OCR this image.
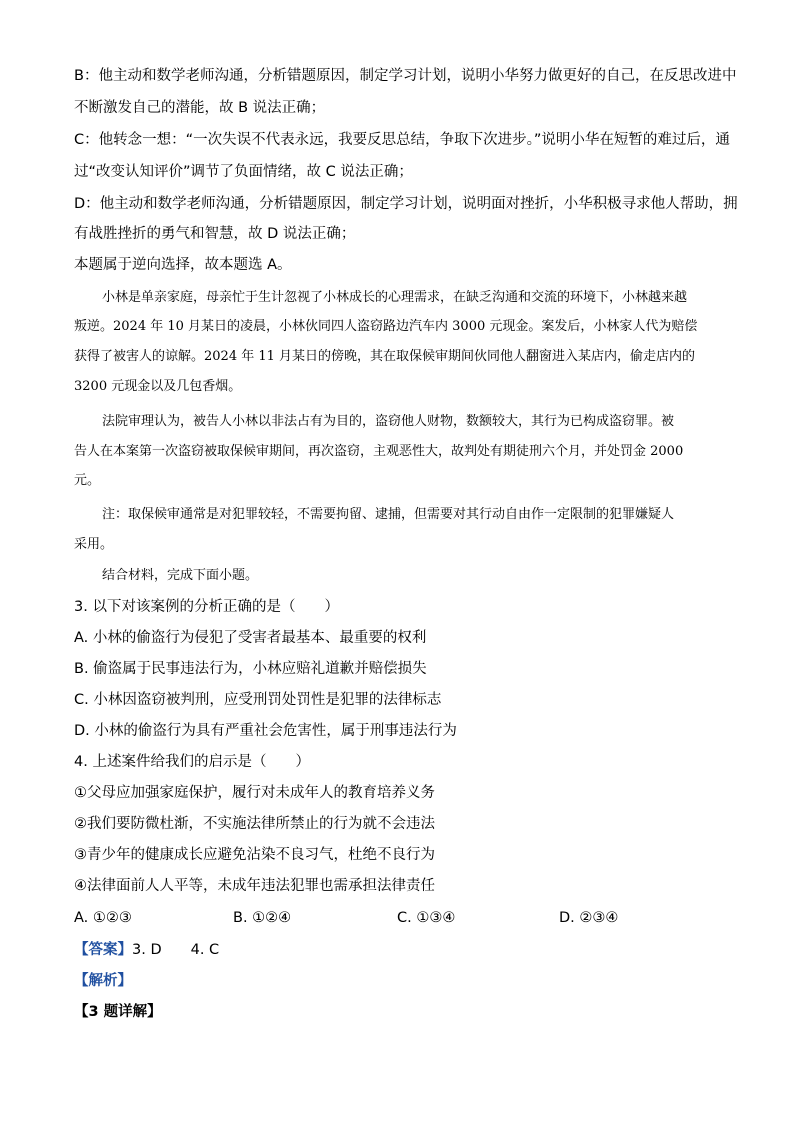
B：他主动和数学老师沟通，分析错题原因，制定学习计划，说明小华努力做更好的自己，在反思改进中
不断激发自己的潜能，故 B 说法正确；
C：他转念一想：“一次失误不代表永远，我要反思总结，争取下次进步。”说明小华在短暂的难过后，通
过“改变认知评价”调节了负面情绪，故 C 说法正确；
D：他主动和数学老师沟通，分析错题原因，制定学习计划，说明面对挫折，小华积极寻求他人帮助，拥
有战胜挫折的勇气和智慧，故 D 说法正确；
本题属于逆向选择，故本题选 A。
小林是单亲家庭，母亲忙于生计忽视了小林成长的心理需求，在缺乏沟通和交流的环境下，小林越来越
叛逆。2024 年 10 月某日的凌晨，小林伙同四人盗窃路边汽车内 3000 元现金。案发后，小林家人代为赔偿
获得了被害人的谅解。2024 年 11 月某日的傍晚，其在取保候审期间伙同他人翻窗进入某店内，偷走店内的
3200 元现金以及几包香烟。
法院审理认为，被告人小林以非法占有为目的，盗窃他人财物，数额较大，其行为已构成盗窃罪。被
告人在本案第一次盗窃被取保候审期间，再次盗窃，主观恶性大，故判处有期徒刑六个月，并处罚金 2000
元。
注：取保候审通常是对犯罪较轻，不需要拘留、逮捕，但需要对其行动自由作一定限制的犯罪嫌疑人
采用。
结合材料，完成下面小题。
3. 以下对该案例的分析正确的是（　　）
A. 小林的偷盗行为侵犯了受害者最基本、最重要的权利
B. 偷盗属于民事违法行为，小林应赔礼道歉并赔偿损失
C. 小林因盗窃被判刑，应受刑罚处罚性是犯罪的法律标志
D. 小林的偷盗行为具有严重社会危害性，属于刑事违法行为
4. 上述案件给我们的启示是（　　）
①父母应加强家庭保护，履行对未成年人的教育培养义务
②我们要防微杜渐，不实施法律所禁止的行为就不会违法
③青少年的健康成长应避免沾染不良习气，杜绝不良行为
④法律面前人人平等，未成年违法犯罪也需承担法律责任
A. ①②③	B. ①②④	C. ①③④	D. ②③④
【答案】3. D　　4. C
【解析】
【3 题详解】
